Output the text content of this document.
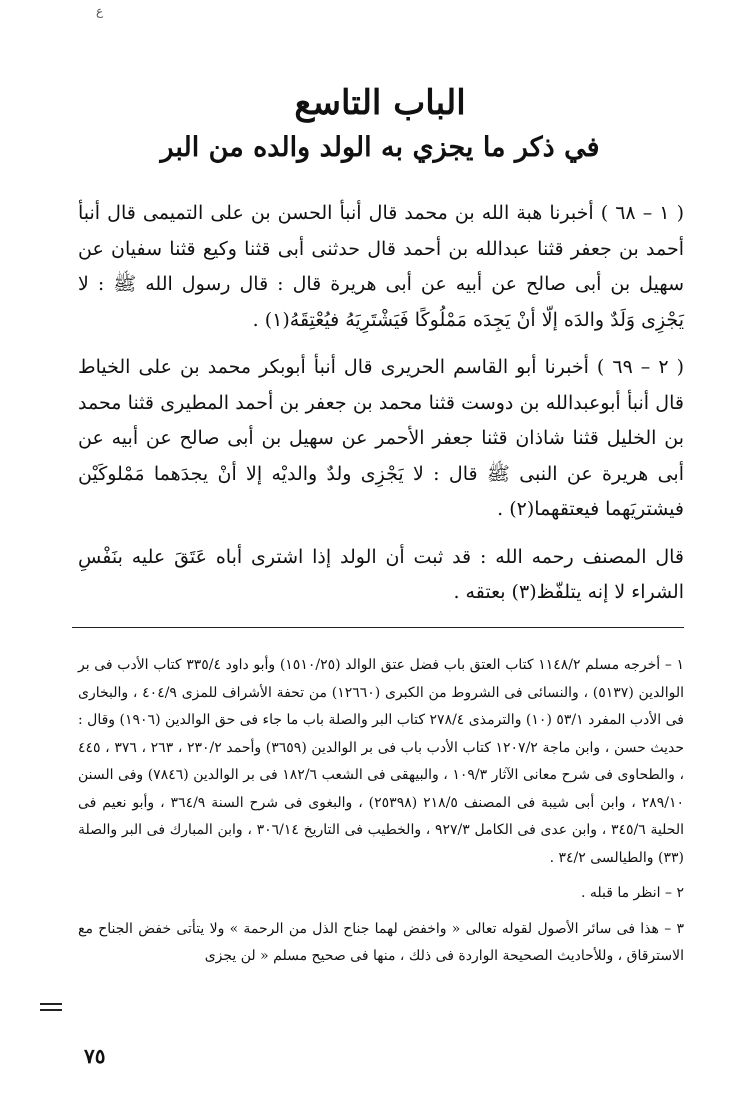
ع
الباب التاسع
في ذكر ما يجزي به الولد والده من البر

( ١ – ٦٨ ) أخبرنا هبة الله بن محمد قال أنبأ الحسن بن على التميمى قال أنبأ أحمد بن جعفر قثنا عبدالله بن أحمد قال حدثنى أبى قثنا وكيع قثنا سفيان عن سهيل بن أبى صالح عن أبيه عن أبى هريرة قال : قال رسول الله ﷺ : لا يَجْزِى وَلَدٌ والدَه إلّا أنْ يَجِدَه مَمْلُوكًا فَيَشْتَرِيَهُ فيُعْتِقَهُ(١) .

( ٢ – ٦٩ ) أخبرنا أبو القاسم الحريرى قال أنبأ أبوبكر محمد بن على الخياط قال أنبأ أبوعبدالله بن دوست قثنا محمد بن جعفر بن أحمد المطيرى قثنا محمد بن الخليل قثنا شاذان قثنا جعفر الأحمر عن سهيل بن أبى صالح عن أبيه عن أبى هريرة عن النبى ﷺ قال : لا يَجْزِى ولدٌ والديْه إلا أنْ يجدَهما مَمْلوكَيْن فيشتريَهما فيعتقهما(٢) .

قال المصنف رحمه الله : قد ثبت أن الولد إذا اشترى أباه عَتَقَ عليه بنَفْسِ الشراء لا إنه يتلفّظ(٣) بعتقه .

١ – أخرجه مسلم ١١٤٨/٢ كتاب العتق باب فضل عتق الوالد (١٥١٠/٢٥) وأبو داود ٣٣٥/٤ كتاب الأدب فى بر الوالدين (٥١٣٧) ، والنسائى فى الشروط من الكبرى (١٢٦٦٠) من تحفة الأشراف للمزى ٤٠٤/٩ ، والبخارى فى الأدب المفرد ٥٣/١ (١٠) والترمذى ٢٧٨/٤ كتاب البر والصلة باب ما جاء فى حق الوالدين (١٩٠٦) وقال : حديث حسن ، وابن ماجة ١٢٠٧/٢ كتاب الأدب باب فى بر الوالدين (٣٦٥٩) وأحمد ٢٣٠/٢ ، ٢٦٣ ، ٣٧٦ ، ٤٤٥ ، والطحاوى فى شرح معانى الآثار ١٠٩/٣ ، والبيهقى فى الشعب ١٨٢/٦ فى بر الوالدين (٧٨٤٦) وفى السنن ٢٨٩/١٠ ، وابن أبى شيبة فى المصنف ٢١٨/٥ (٢٥٣٩٨) ، والبغوى فى شرح السنة ٣٦٤/٩ ، وأبو نعيم فى الحلية ٣٤٥/٦ ، وابن عدى فى الكامل ٩٢٧/٣ ، والخطيب فى التاريخ ٣٠٦/١٤ ، وابن المبارك فى البر والصلة (٣٣) والطيالسى ٣٤/٢ .

٢ – انظر ما قبله .

٣ – هذا فى سائر الأصول لقوله تعالى « واخفض لهما جناح الذل من الرحمة » ولا يتأتى خفض الجناح مع الاسترقاق ، وللأحاديث الصحيحة الواردة فى ذلك ، منها فى صحيح مسلم « لن يجزى

٧٥
